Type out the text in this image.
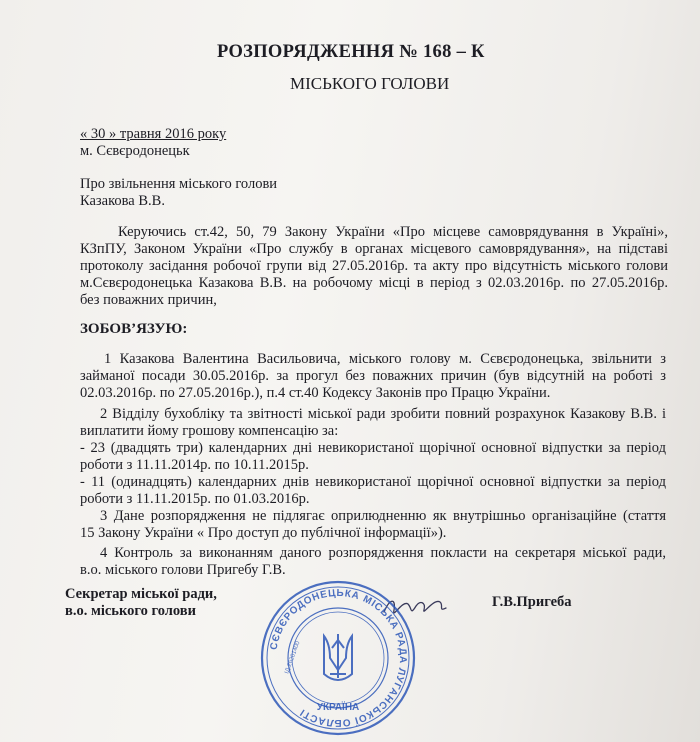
РОЗПОРЯДЖЕННЯ № 168 – К
МІСЬКОГО ГОЛОВИ
« 30 » травня 2016 року
м. Сєвєродонецьк
Про звільнення міського голови
Казакова В.В.
Керуючись ст.42, 50, 79 Закону України «Про місцеве самоврядування в Україні»,
КЗпПУ, Законом України «Про службу в органах місцевого самоврядування», на підставі
протоколу засідання робочої групи від 27.05.2016р. та акту про відсутність міського голови
м.Сєвєродонецька Казакова В.В. на робочому місці в період з 02.03.2016р. по 27.05.2016р.
без поважних причин,
ЗОБОВ’ЯЗУЮ:
1 Казакова Валентина Васильовича, міського голову м. Сєвєродонецька, звільнити з
займаної посади 30.05.2016р. за прогул без поважних причин (був відсутній на роботі з
02.03.2016р. по 27.05.2016р.), п.4 ст.40 Кодексу Законів про Працю України.
2 Відділу бухобліку та звітності міської ради зробити повний розрахунок Казакову В.В. і
виплатити йому грошову компенсацію за:
- 23 (двадцять три) календарних дні невикористаної щорічної основної відпустки за період
роботи з 11.11.2014р. по 10.11.2015р.
- 11 (одинадцять) календарних днів невикористаної щорічної основної відпустки за період
роботи з 11.11.2015р. по 01.03.2016р.
3 Дане розпорядження не підлягає оприлюдненню як внутрішньо організаційне (стаття
15 Закону України « Про доступ до публічної інформації»).
4 Контроль за виконанням даного розпорядження покласти на секретаря міської ради,
в.о. міського голови Пригебу Г.В.
Секретар міської ради,
в.о. міського голови
Г.В.Пригеба
СЄВЄРОДОНЕЦЬКА МІСЬКА РАДА ЛУГАНСЬКОЇ ОБЛАСТІ УКРАЇНА
ІД.26201400
